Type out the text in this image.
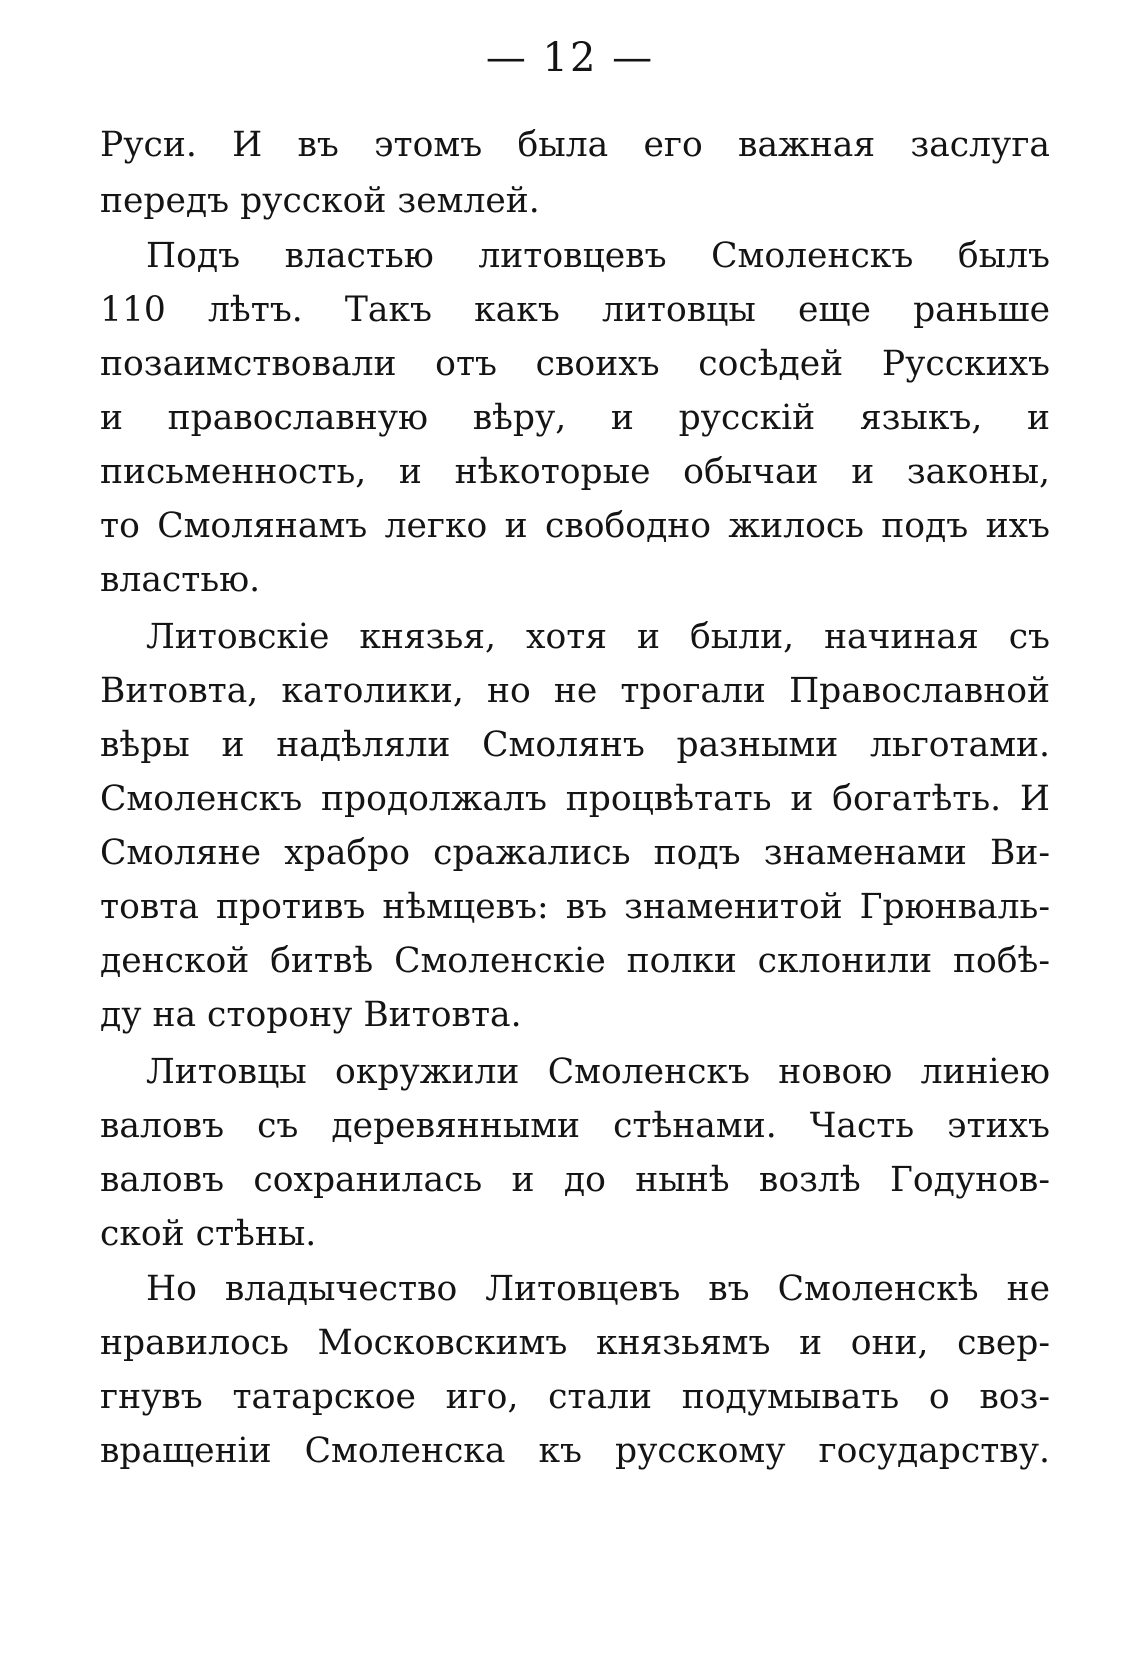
— 12 —

Руси. И въ этомъ была его важная заслуга

передъ русской землей.

Подъ властью литовцевъ Смоленскъ былъ

110 лѣтъ. Такъ какъ литовцы еще раньше

позаимствовали отъ своихъ сосѣдей Русскихъ

и православную вѣру, и русскій языкъ, и

письменность, и нѣкоторые обычаи и законы,

то Смолянамъ легко и свободно жилось подъ ихъ

властью.

Литовскіе князья, хотя и были, начиная съ

Витовта, католики, но не трогали Православной

вѣры и надѣляли Смолянъ разными льготами.

Смоленскъ продолжалъ процвѣтать и богатѣть. И

Смоляне храбро сражались подъ знаменами Ви-

товта противъ нѣмцевъ: въ знаменитой Грюнваль-

денской битвѣ Смоленскіе полки склонили побѣ-

ду на сторону Витовта.

Литовцы окружили Смоленскъ новою линіею

валовъ съ деревянными стѣнами. Часть этихъ

валовъ сохранилась и до нынѣ возлѣ Годунов-

ской стѣны.

Но владычество Литовцевъ въ Смоленскѣ не

нравилось Московскимъ князьямъ и они, свер-

гнувъ татарское иго, стали подумывать о воз-

вращеніи Смоленска къ русскому государству.
